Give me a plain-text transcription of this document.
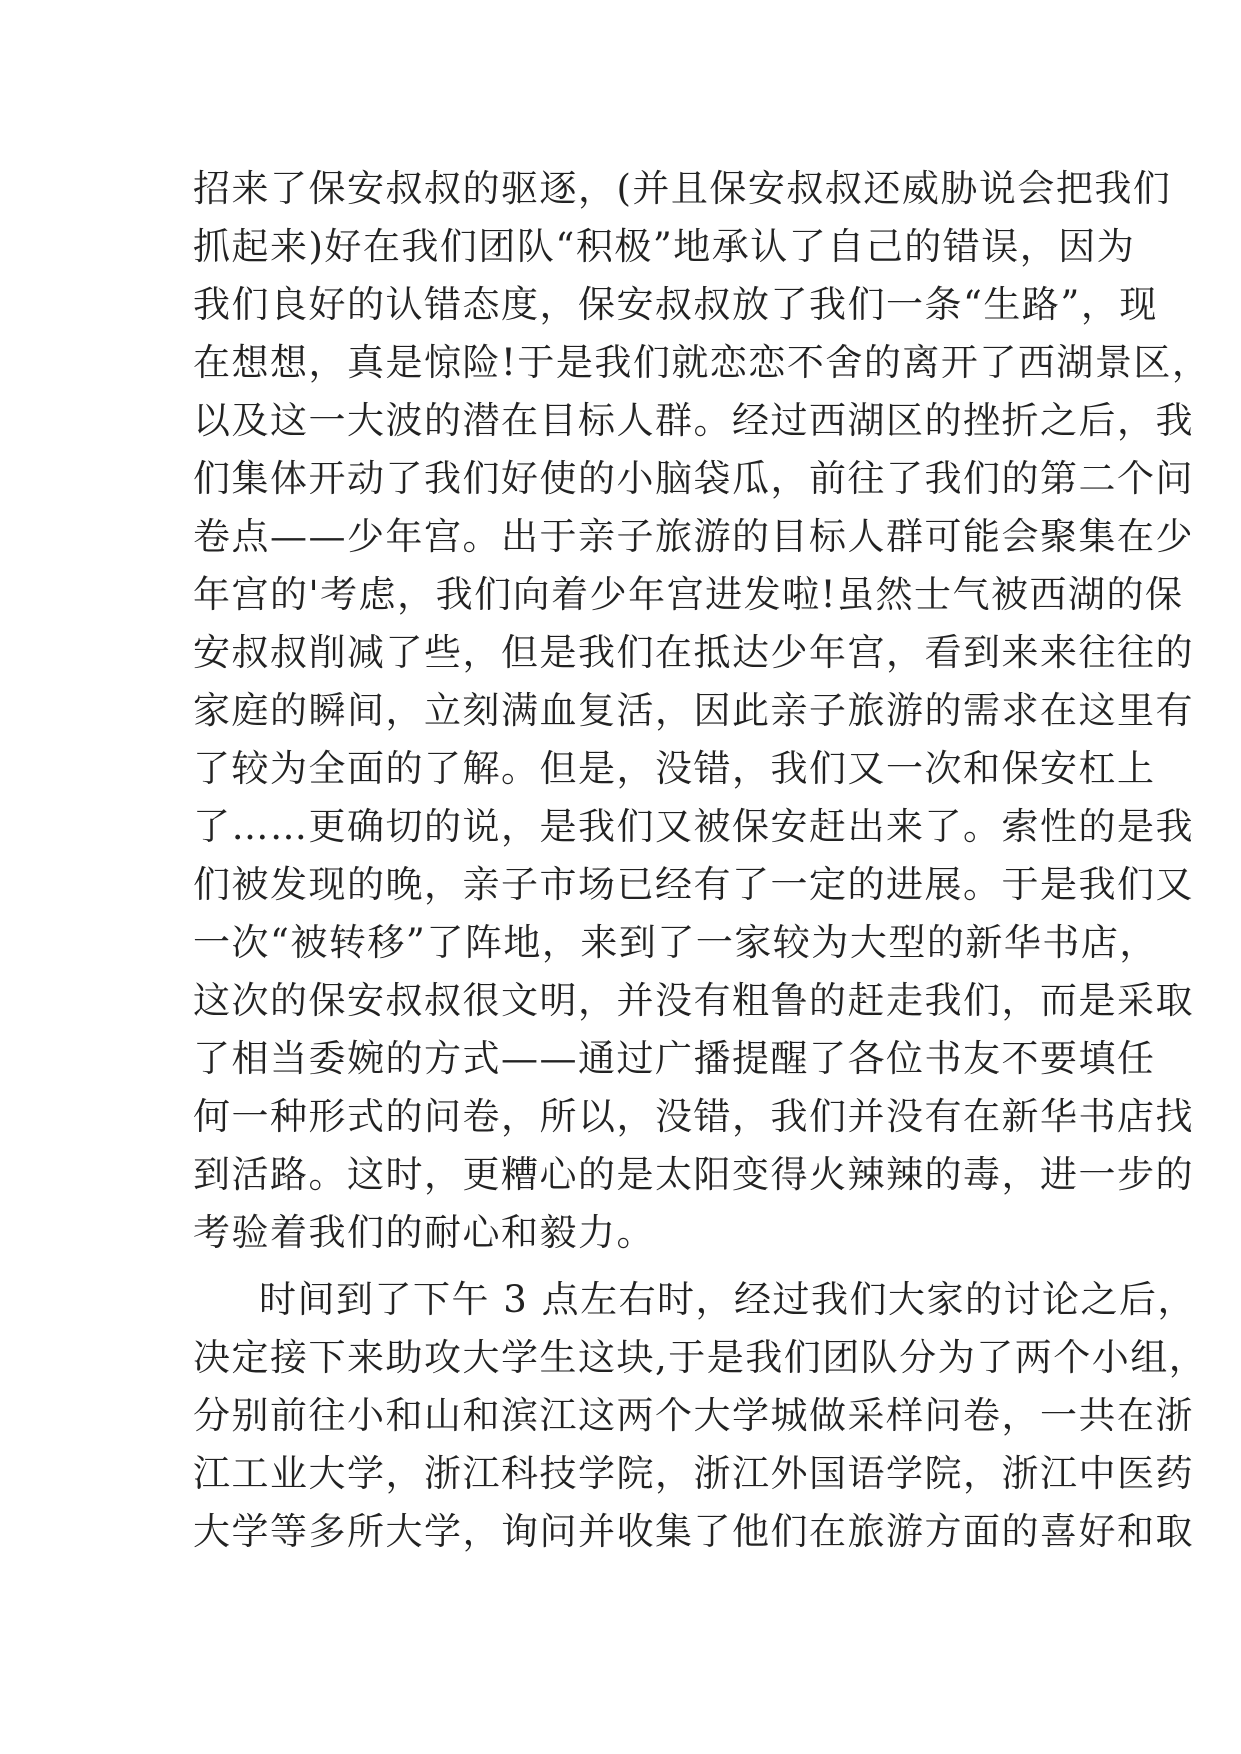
招来了保安叔叔的驱逐，(并且保安叔叔还威胁说会把我们
抓起来)好在我们团队“积极”地承认了自己的错误，因为
我们良好的认错态度，保安叔叔放了我们一条“生路”，现
在想想，真是惊险!于是我们就恋恋不舍的离开了西湖景区，
以及这一大波的潜在目标人群。经过西湖区的挫折之后，我
们集体开动了我们好使的小脑袋瓜，前往了我们的第二个问
卷点——少年宫。出于亲子旅游的目标人群可能会聚集在少
年宫的'考虑，我们向着少年宫进发啦!虽然士气被西湖的保
安叔叔削减了些，但是我们在抵达少年宫，看到来来往往的
家庭的瞬间，立刻满血复活，因此亲子旅游的需求在这里有
了较为全面的了解。但是，没错，我们又一次和保安杠上
了……更确切的说，是我们又被保安赶出来了。索性的是我
们被发现的晚，亲子市场已经有了一定的进展。于是我们又
一次“被转移”了阵地，来到了一家较为大型的新华书店，
这次的保安叔叔很文明，并没有粗鲁的赶走我们，而是采取
了相当委婉的方式——通过广播提醒了各位书友不要填任
何一种形式的问卷，所以，没错，我们并没有在新华书店找
到活路。这时，更糟心的是太阳变得火辣辣的毒，进一步的
考验着我们的耐心和毅力。
时间到了下午 3 点左右时，经过我们大家的讨论之后，
决定接下来助攻大学生这块,于是我们团队分为了两个小组，
分别前往小和山和滨江这两个大学城做采样问卷，一共在浙
江工业大学，浙江科技学院，浙江外国语学院，浙江中医药
大学等多所大学，询问并收集了他们在旅游方面的喜好和取
